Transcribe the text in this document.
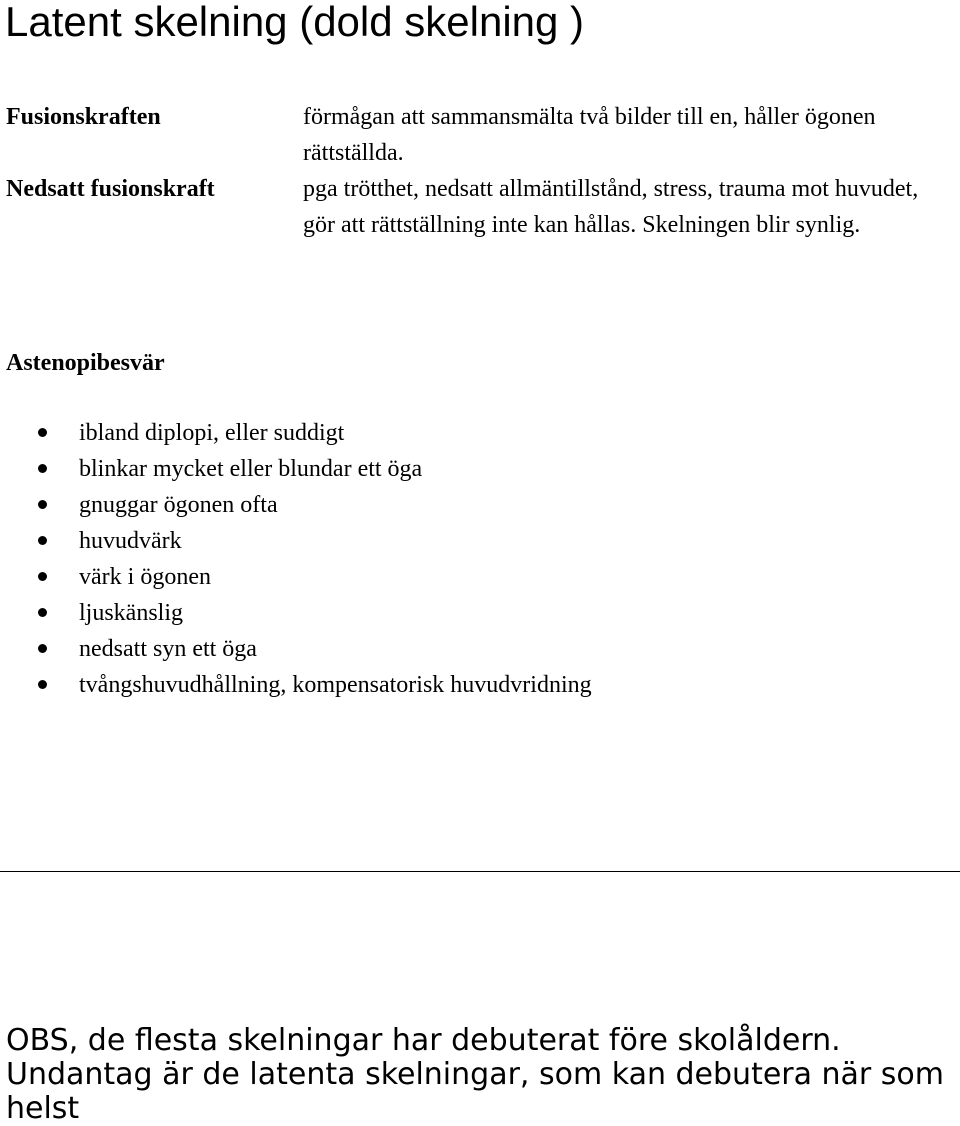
Latent skelning (dold skelning )

Fusionskraften	förmågan att sammansmälta två bilder till en, håller ögonen rättställda.

Nedsatt fusionskraft	pga trötthet, nedsatt allmäntillstånd, stress, trauma mot huvudet, gör att rättställning inte kan hållas. Skelningen blir synlig.

Astenopibesvär
ibland diplopi, eller suddigt
blinkar mycket eller blundar ett öga
gnuggar ögonen ofta
huvudvärk
värk i ögonen
ljuskänslig
nedsatt syn ett öga
tvångshuvudhållning, kompensatorisk huvudvridning

OBS, de flesta skelningar har debuterat före skolåldern. Undantag är de latenta skelningar, som kan debutera när som helst
